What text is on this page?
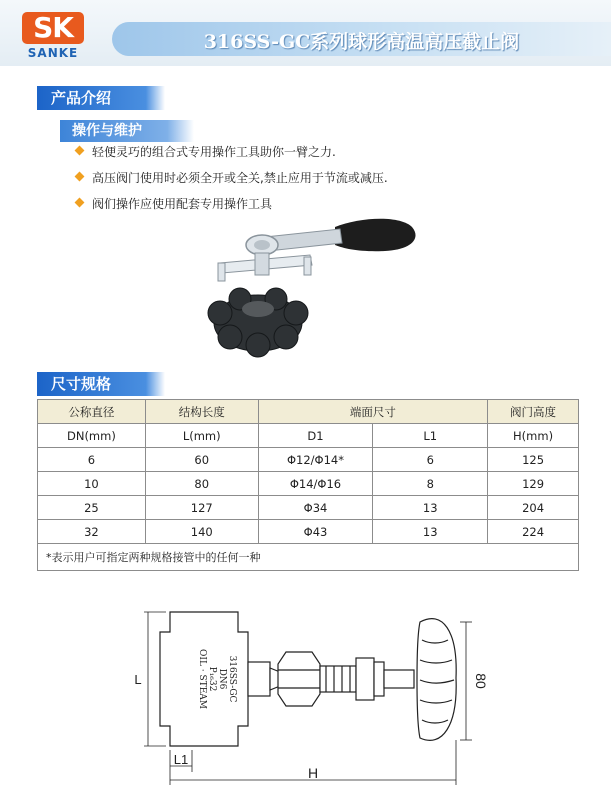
SK
SANKE	316SS-GC系列球形高温高压截止阀
产品介绍
操作与维护
轻便灵巧的组合式专用操作工具助你一臂之力.
高压阀门使用时必须全开或全关,禁止应用于节流或减压.
阀们操作应使用配套专用操作工具
尺寸规格
公称直径	结构长度	端面尺寸		阀门高度
DN(mm)	L(mm)	D1	L1	H(mm)
6	60	Φ12/Φ14*	6	125
10	80	Φ14/Φ16	8	129
25	127	Φ34	13	204
32	140	Φ43	13	224
*表示用户可指定两种规格接管中的任何一种				
316SS-GC
DN6
P₁₆32
OIL · STEAM
L
L1
H
80
